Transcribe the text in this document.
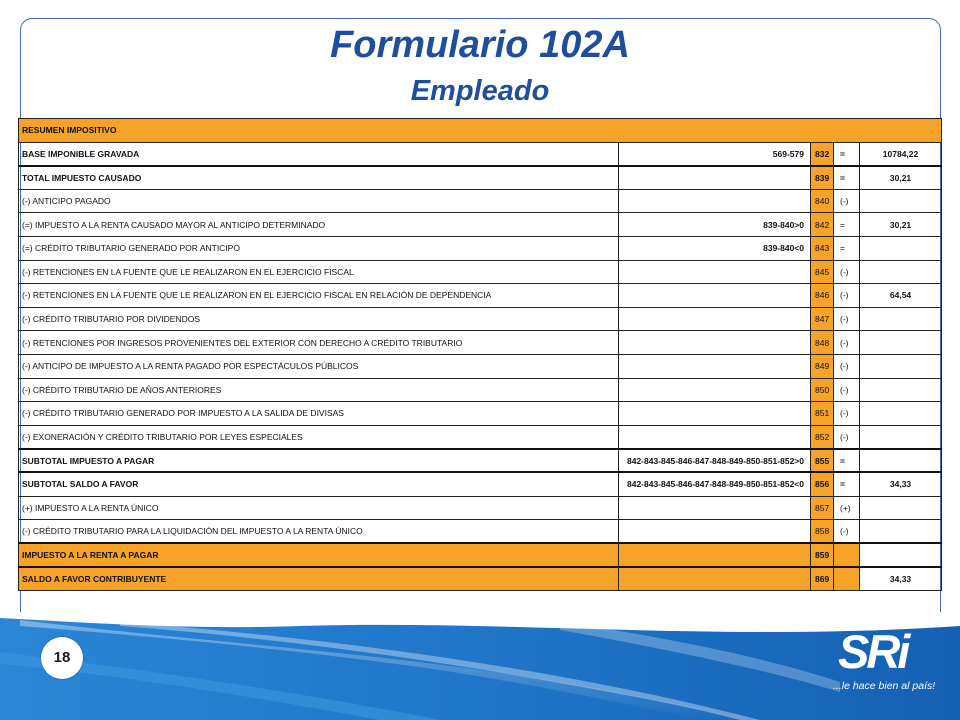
Formulario 102A
Empleado
RESUMEN IMPOSITIVO				
BASE IMPONIBLE GRAVADA	569-579	832	=	10784,22
TOTAL IMPUESTO CAUSADO		839	=	30,21
(-) ANTICIPO PAGADO		840	(-)	
(=) IMPUESTO A LA RENTA CAUSADO MAYOR AL ANTICIPO DETERMINADO	839-840>0	842	=	30,21
(=) CRÉDITO TRIBUTARIO GENERADO POR ANTICIPO	839-840<0	843	=	
(-) RETENCIONES EN LA FUENTE QUE LE REALIZARON EN EL EJERCICIO FISCAL		845	(-)	
(-) RETENCIONES EN LA FUENTE QUE LE REALIZARON EN EL EJERCICIO FISCAL EN RELACIÓN DE DEPENDENCIA		846	(-)	64,54
(-) CRÉDITO TRIBUTARIO POR DIVIDENDOS		847	(-)	
(-) RETENCIONES POR INGRESOS PROVENIENTES DEL EXTERIOR CON DERECHO A CRÉDITO TRIBUTARIO		848	(-)	
(-) ANTICIPO DE IMPUESTO A LA RENTA PAGADO POR ESPECTÁCULOS PÚBLICOS		849	(-)	
(-) CRÉDITO TRIBUTARIO DE AÑOS ANTERIORES		850	(-)	
(-) CRÉDITO TRIBUTARIO GENERADO POR IMPUESTO A LA SALIDA DE DIVISAS		851	(-)	
(-) EXONERACIÓN Y CRÉDITO TRIBUTARIO POR LEYES ESPECIALES		852	(-)	
SUBTOTAL IMPUESTO A PAGAR	842-843-845-846-847-848-849-850-851-852>0	855	=	
SUBTOTAL SALDO A FAVOR	842-843-845-846-847-848-849-850-851-852<0	856	=	34,33
(+) IMPUESTO A LA RENTA ÚNICO		857	(+)	
(-) CRÉDITO TRIBUTARIO PARA LA LIQUIDACIÓN DEL IMPUESTO A LA RENTA ÚNICO		858	(-)	
IMPUESTO A LA RENTA A PAGAR		859		
SALDO A FAVOR CONTRIBUYENTE		869		34,33
18	SRi
...le hace bien al país!
